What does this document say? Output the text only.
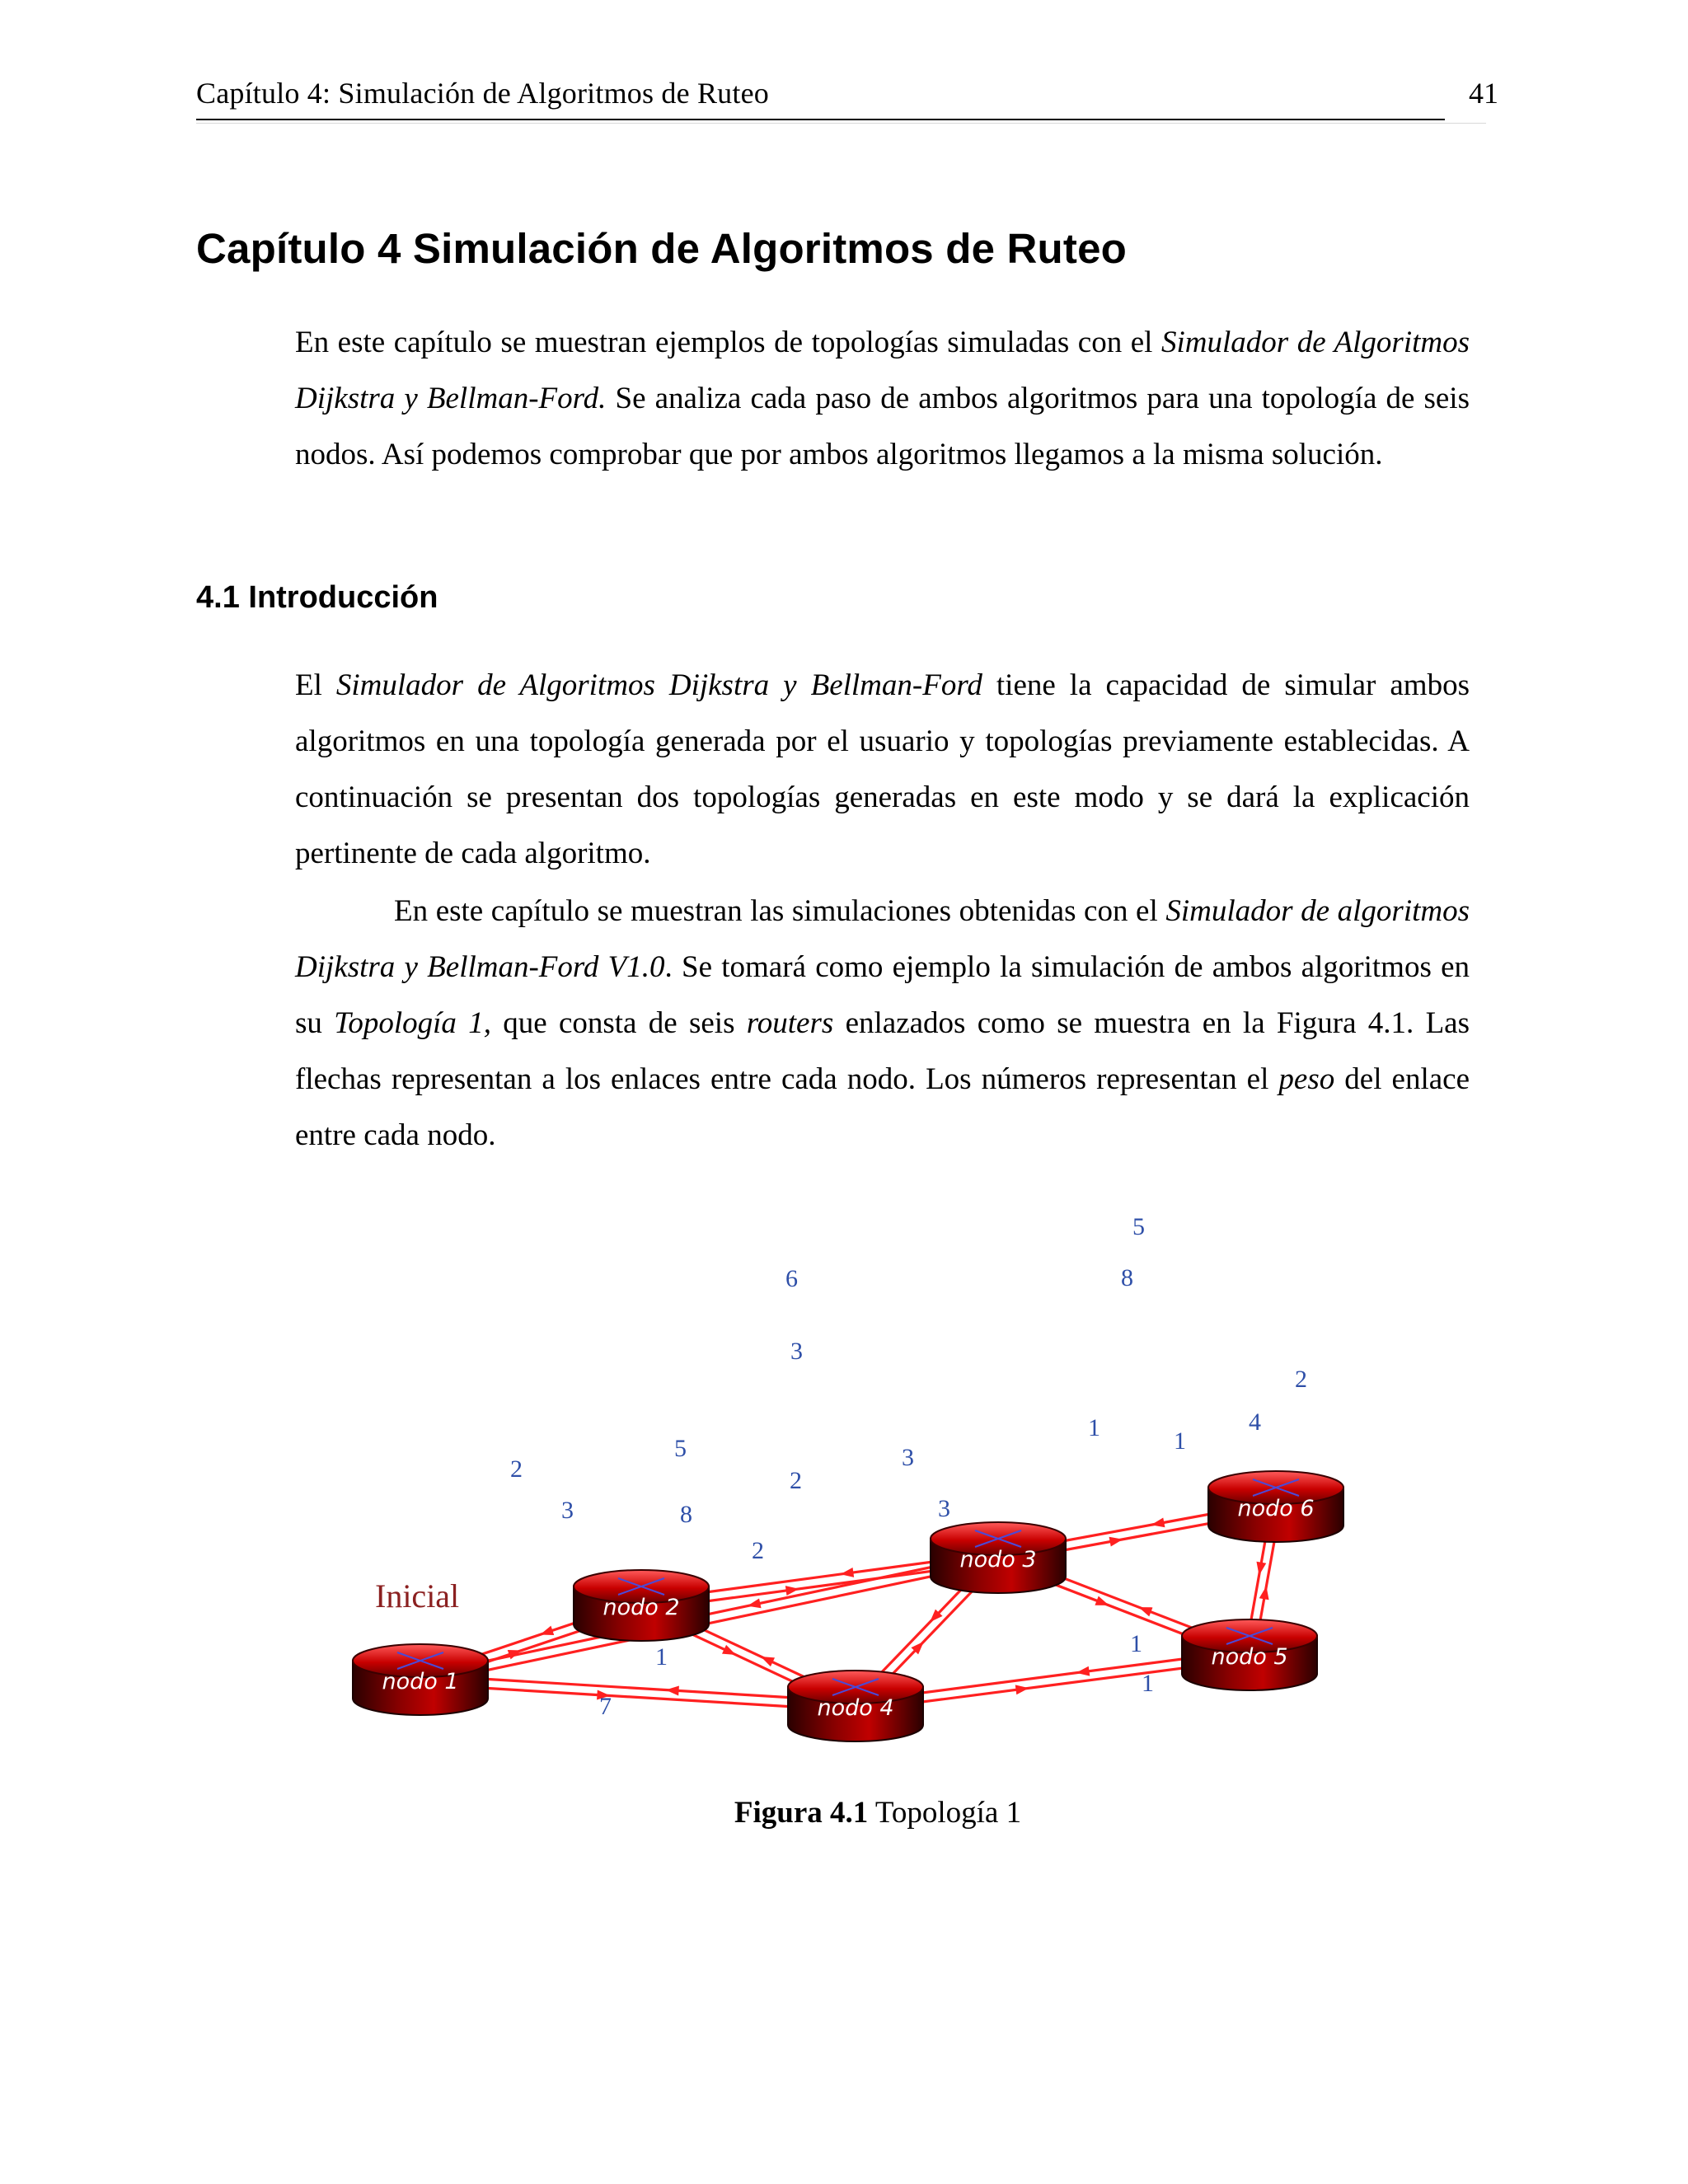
Capítulo 4: Simulación de Algoritmos de Ruteo	41
Capítulo 4 Simulación de Algoritmos de Ruteo

En este capítulo se muestran ejemplos de topologías simuladas con el Simulador de Algoritmos Dijkstra y Bellman-Ford. Se analiza cada paso de ambos algoritmos para una topología de seis nodos. Así podemos comprobar que por ambos algoritmos llegamos a la misma solución.

4.1 Introducción

El Simulador de Algoritmos Dijkstra y Bellman-Ford tiene la capacidad de simular ambos algoritmos en una topología generada por el usuario y topologías previamente establecidas. A continuación se presentan dos topologías generadas en este modo y se dará la explicación pertinente de cada algoritmo.

En este capítulo se muestran las simulaciones obtenidas con el Simulador de algoritmos Dijkstra y Bellman-Ford V1.0. Se tomará como ejemplo la simulación de ambos algoritmos en su Topología 1, que consta de seis routers enlazados como se muestra en la Figura 4.1. Las flechas representan a los enlaces entre cada nodo. Los números representan el peso del enlace entre cada nodo.

2
3	8
1
7
6
3
5
2
2
3
3
1	1
5
8
1
1
4
2
nodo 1
nodo 2
nodo 3
nodo 4
nodo 5
nodo 6
Inicial
Figura 4.1 Topología 1
